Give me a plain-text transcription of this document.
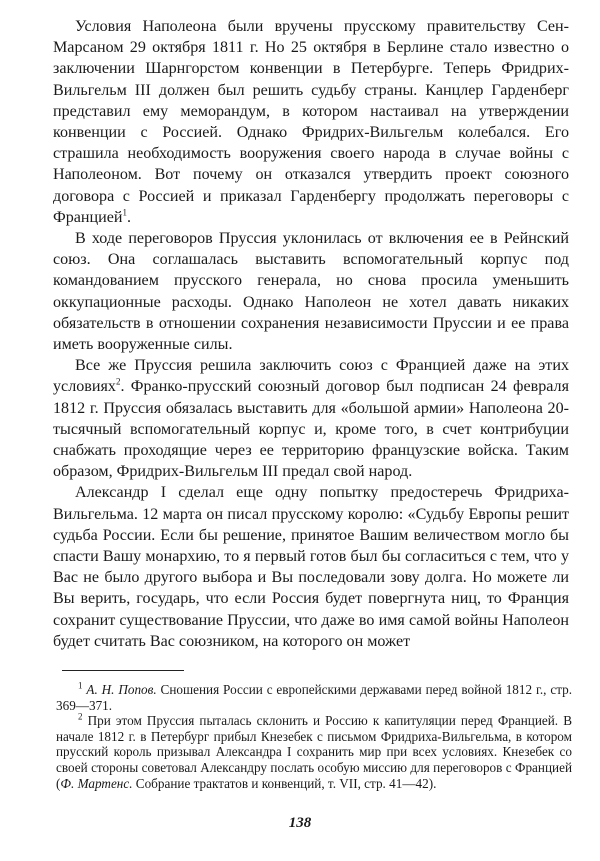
Условия Наполеона были вручены прусскому правительству Сен-Марсаном 29 октября 1811 г. Но 25 октября в Берлине стало известно о заключении Шарнгорстом конвенции в Петербурге. Теперь Фридрих-Вильгельм III должен был решить судьбу страны. Канцлер Гарденберг представил ему меморандум, в котором настаивал на утверждении конвенции с Россией. Однако Фридрих-Вильгельм колебался. Его страшила необходимость вооружения своего народа в случае войны с Наполеоном. Вот почему он отказался утвердить проект союзного договора с Россией и приказал Гарденбергу продолжать переговоры с Францией$^1$.

В ходе переговоров Пруссия уклонилась от включения ее в Рейнский союз. Она соглашалась выставить вспомогательный корпус под командованием прусского генерала, но снова просила уменьшить оккупационные расходы. Однако Наполеон не хотел давать никаких обязательств в отношении сохранения независимости Пруссии и ее права иметь вооруженные силы.

Все же Пруссия решила заключить союз с Францией даже на этих условиях$^2$. Франко-прусский союзный договор был подписан 24 февраля 1812 г. Пруссия обязалась выставить для «большой армии» Наполеона 20-тысячный вспомогательный корпус и, кроме того, в счет контрибуции снабжать проходящие через ее территорию французские войска. Таким образом, Фридрих-Вильгельм III предал свой народ.

Александр I сделал еще одну попытку предостеречь Фридриха-Вильгельма. 12 марта он писал прусскому королю: «Судьбу Европы решит судьба России. Если бы решение, принятое Вашим величеством могло бы спасти Вашу монархию, то я первый готов был бы согласиться с тем, что у Вас не было другого выбора и Вы последовали зову долга. Но можете ли Вы верить, государь, что если Россия будет повергнута ниц, то Франция сохранит существование Пруссии, что даже во имя самой войны Наполеон будет считать Вас союзником, на которого он может

$^1$ А. Н. Попов. Сношения России с европейскими державами перед войной 1812 г., стр. 369—371.

$^2$ При этом Пруссия пыталась склонить и Россию к капитуляции перед Францией. В начале 1812 г. в Петербург прибыл Кнезебек с письмом Фридриха-Вильгельма, в котором прусский король призывал Александра I сохранить мир при всех условиях. Кнезебек со своей стороны советовал Александру послать особую миссию для переговоров с Францией (Ф. Мартенс. Собрание трактатов и конвенций, т. VII, стр. 41—42).

138
